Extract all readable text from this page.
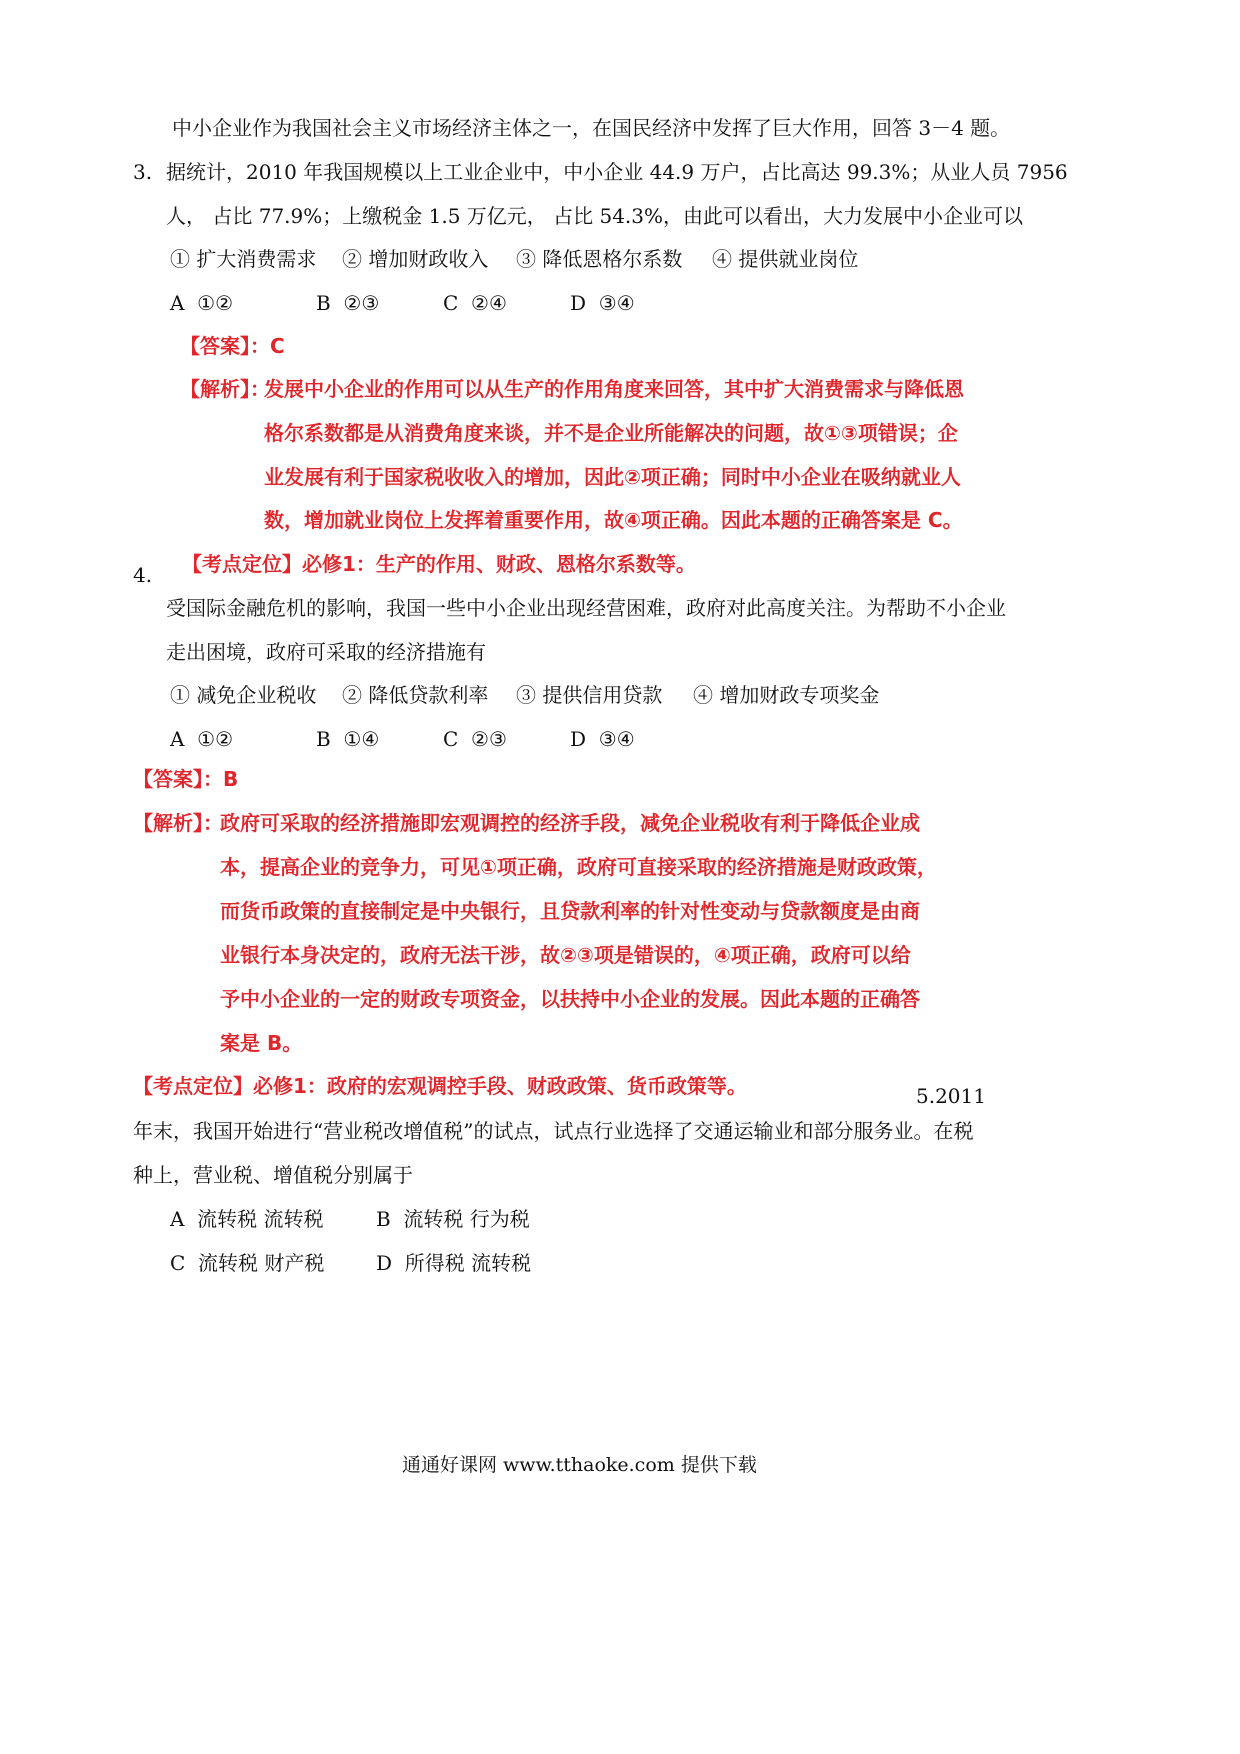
中小企业作为我国社会主义市场经济主体之一，在国民经济中发挥了巨大作用，回答 3－4 题。
3. 据统计，2010 年我国规模以上工业企业中，中小企业 44.9 万户，占比高达 99.3%；从业人员 7956
人， 占比 77.9%；上缴税金 1.5 万亿元， 占比 54.3%，由此可以看出，大力发展中小企业可以
① 扩大消费需求 ② 增加财政收入 ③ 降低恩格尔系数 ④ 提供就业岗位
A ①②	B ②③	C ②④	D ③④
【答案】：C
【解析】：
发展中小企业的作用可以从生产的作用角度来回答，其中扩大消费需求与降低恩
格尔系数都是从消费角度来谈，并不是企业所能解决的问题，故①③项错误；企
业发展有利于国家税收收入的增加，因此②项正确；同时中小企业在吸纳就业人
数，增加就业岗位上发挥着重要作用，故④项正确。因此本题的正确答案是 C。
【考点定位】必修1：生产的作用、财政、恩格尔系数等。
4.
受国际金融危机的影响，我国一些中小企业出现经营困难，政府对此高度关注。为帮助不小企业
走出困境，政府可采取的经济措施有
① 减免企业税收 ② 降低贷款利率 ③ 提供信用贷款 ④ 增加财政专项奖金
A ①②	B ①④	C ②③	D ③④
【答案】：B
【解析】：
政府可采取的经济措施即宏观调控的经济手段，减免企业税收有利于降低企业成
本，提高企业的竞争力，可见①项正确，政府可直接采取的经济措施是财政政策，
而货币政策的直接制定是中央银行，且贷款利率的针对性变动与贷款额度是由商
业银行本身决定的，政府无法干涉，故②③项是错误的，④项正确，政府可以给
予中小企业的一定的财政专项资金，以扶持中小企业的发展。因此本题的正确答
案是 B。
【考点定位】必修1：政府的宏观调控手段、财政政策、货币政策等。	5.2011
年末，我国开始进行“营业税改增值税”的试点，试点行业选择了交通运输业和部分服务业。在税
种上，营业税、增值税分别属于
A 流转税 流转税	B 流转税 行为税
C 流转税 财产税	D 所得税 流转税
通通好课网 www.tthaoke.com 提供下载
